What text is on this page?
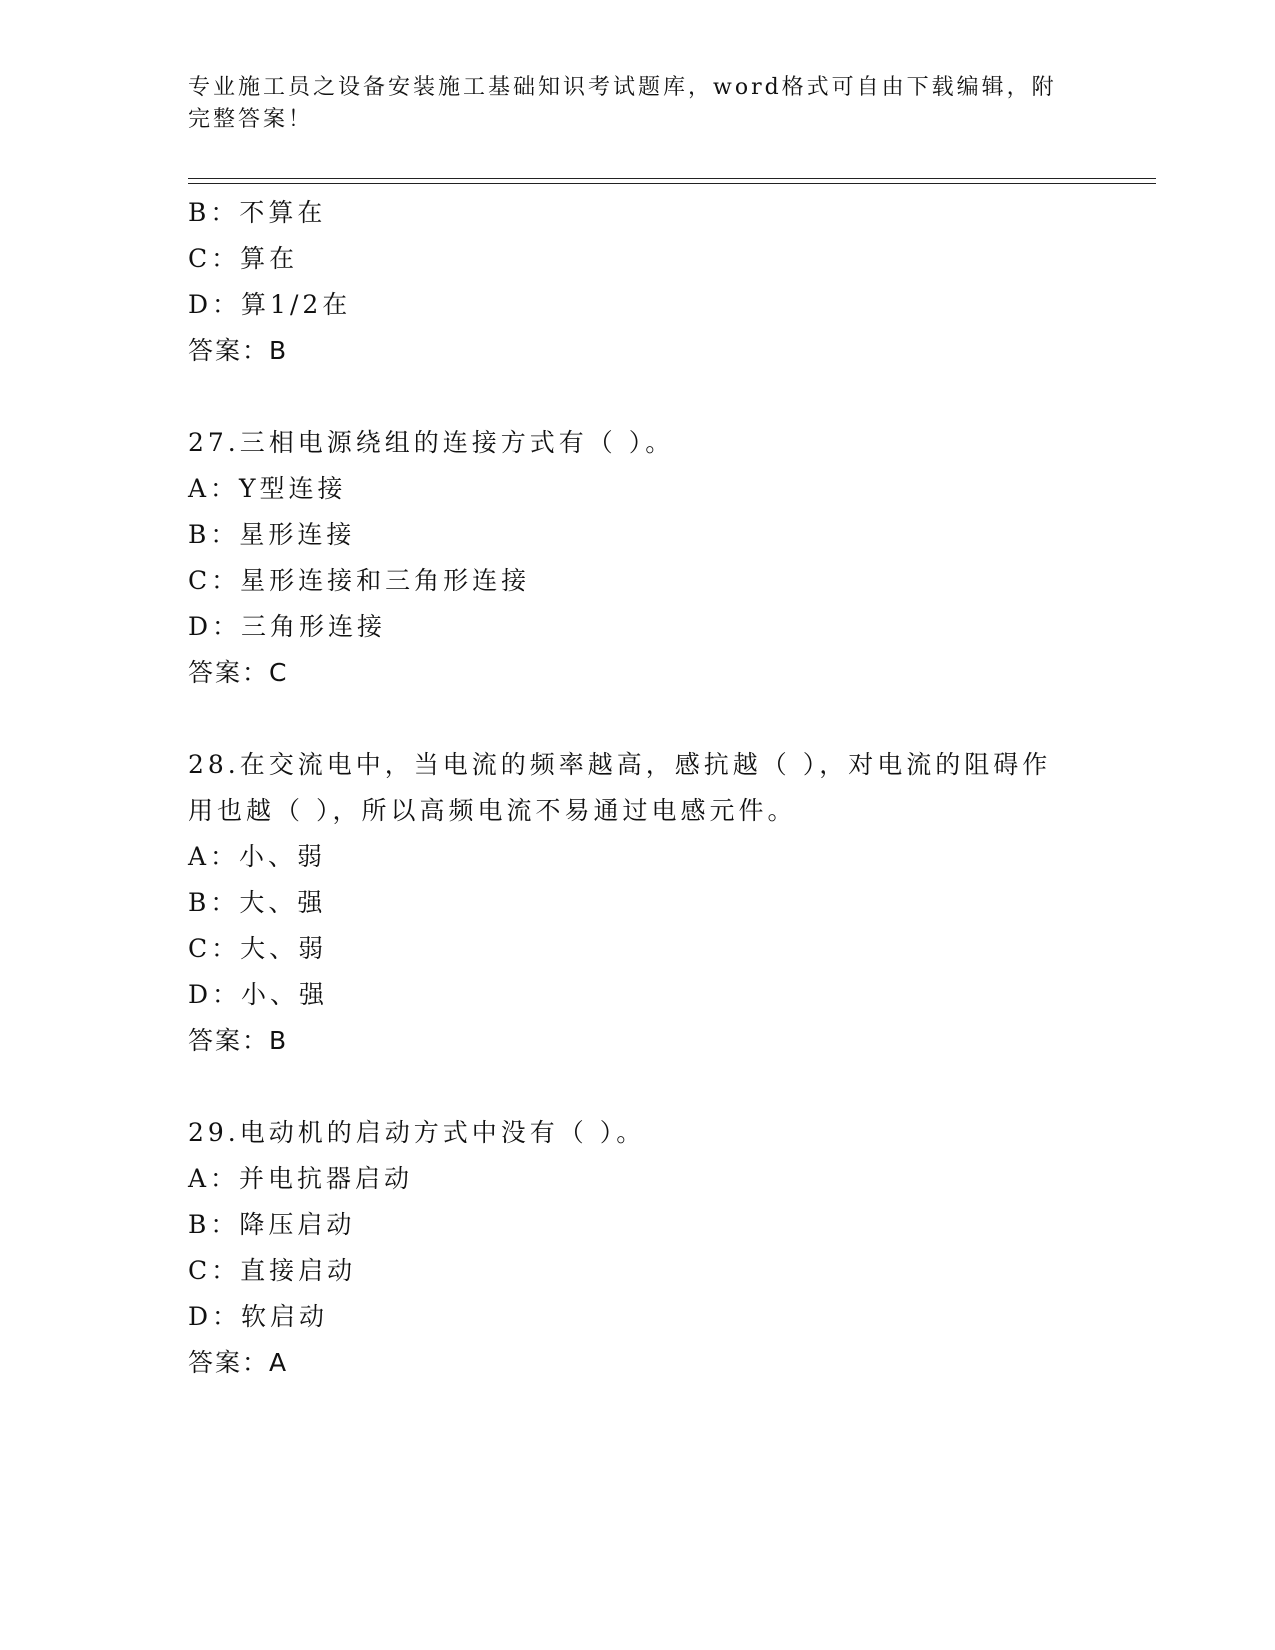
专业施工员之设备安装施工基础知识考试题库，word格式可自由下载编辑，附完整答案！
B：不算在
C：算在
D：算1/2在
答案：B
27.三相电源绕组的连接方式有（ ）。
A：Y型连接
B：星形连接
C：星形连接和三角形连接
D：三角形连接
答案：C
28.在交流电中，当电流的频率越高，感抗越（ ），对电流的阻碍作用也越（ ），所以高频电流不易通过电感元件。
A：小、弱
B：大、强
C：大、弱
D：小、强
答案：B
29.电动机的启动方式中没有（ ）。
A：并电抗器启动
B：降压启动
C：直接启动
D：软启动
答案：A
